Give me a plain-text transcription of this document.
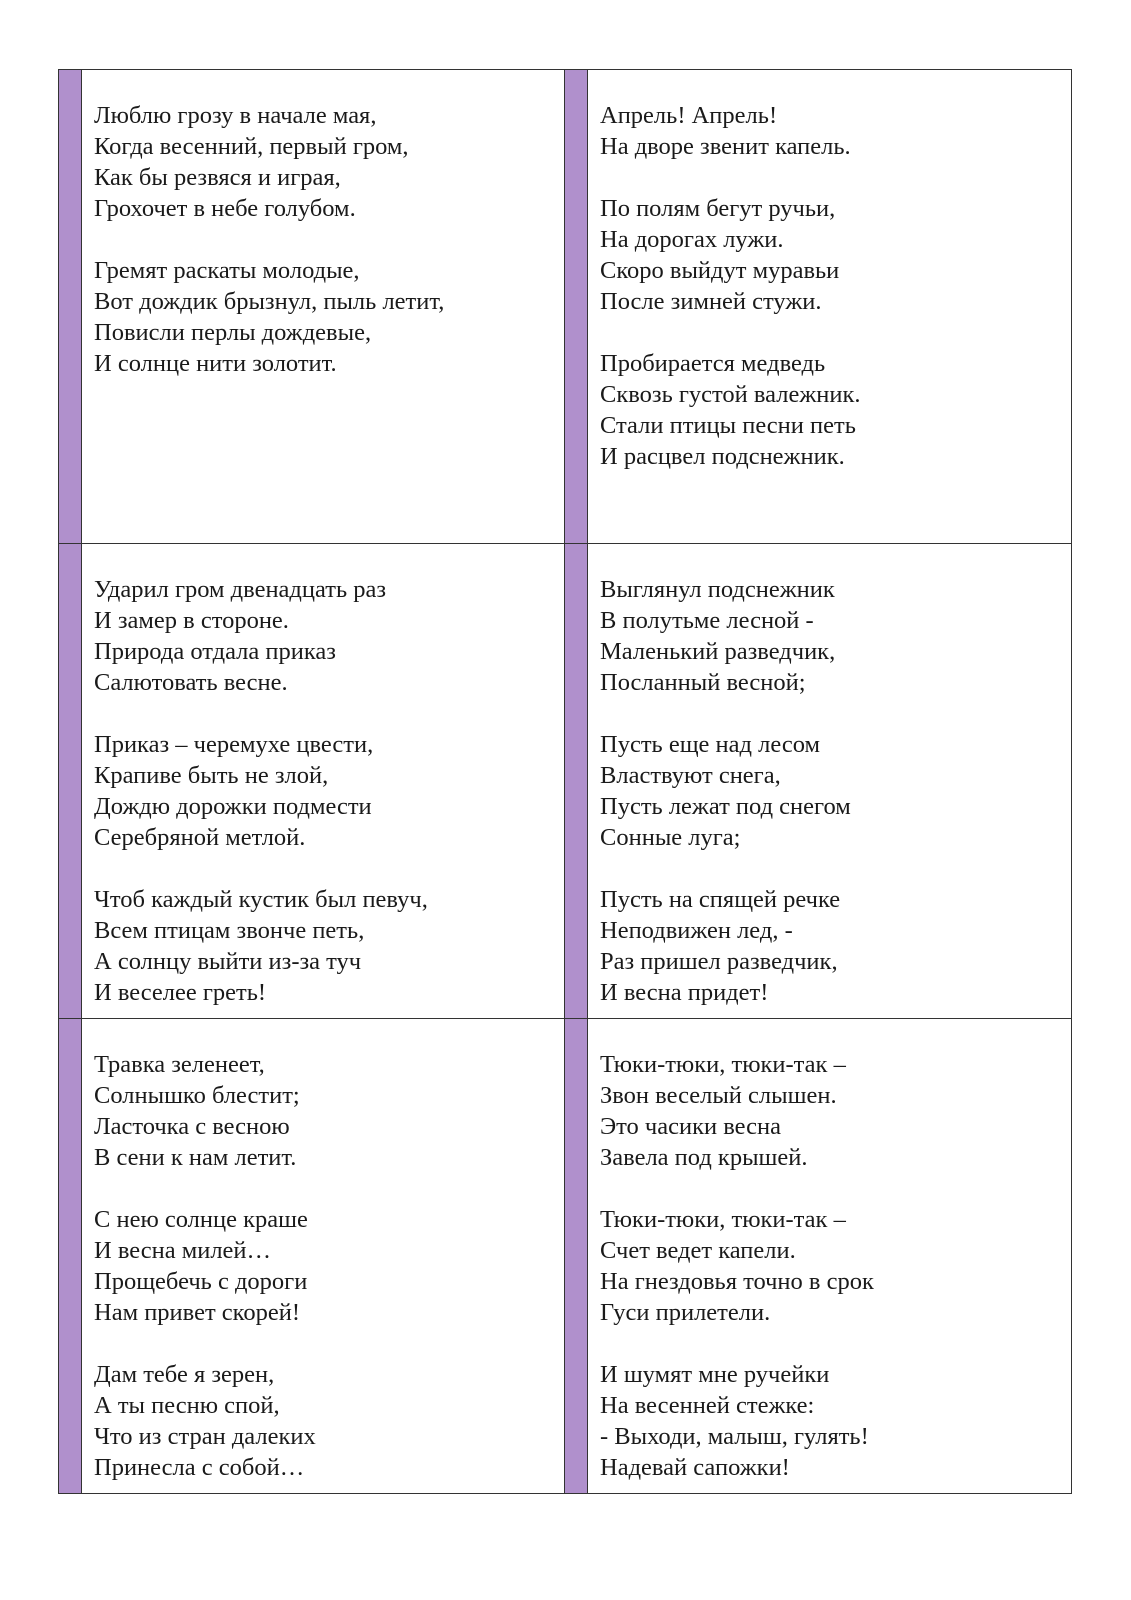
Люблю грозу в начале мая,
Когда весенний, первый гром,
Как бы резвяся и играя,
Грохочет в небе голубом.
Гремят раскаты молодые,
Вот дождик брызнул, пыль летит,
Повисли перлы дождевые,
И солнце нити золотит.
Апрель! Апрель!
На дворе звенит капель.
По полям бегут ручьи,
На дорогах лужи.
Скоро выйдут муравьи
После зимней стужи.
Пробирается медведь
Сквозь густой валежник.
Стали птицы песни петь
И расцвел подснежник.
Ударил гром двенадцать раз
И замер в стороне.
Природа отдала приказ
Салютовать весне.
Приказ – черемухе цвести,
Крапиве быть не злой,
Дождю дорожки подмести
Серебряной метлой.
Чтоб каждый кустик был певуч,
Всем птицам звонче петь,
А солнцу выйти из-за туч
И веселее греть!
Выглянул подснежник
В полутьме лесной -
Маленький разведчик,
Посланный весной;
Пусть еще над лесом
Властвуют снега,
Пусть лежат под снегом
Сонные луга;
Пусть на спящей речке
Неподвижен лед, -
Раз пришел разведчик,
И весна придет!
Травка зеленеет,
Солнышко блестит;
Ласточка с весною
В сени к нам летит.
С нею солнце краше
И весна милей…
Прощебечь с дороги
Нам привет скорей!
Дам тебе я зерен,
А ты песню спой,
Что из стран далеких
Принесла с собой…
Тюки-тюки, тюки-так –
Звон веселый слышен.
Это часики весна
Завела под крышей.
Тюки-тюки, тюки-так –
Счет ведет капели.
На гнездовья точно в срок
Гуси прилетели.
И шумят мне ручейки
На весенней стежке:
- Выходи, малыш, гулять!
Надевай сапожки!
